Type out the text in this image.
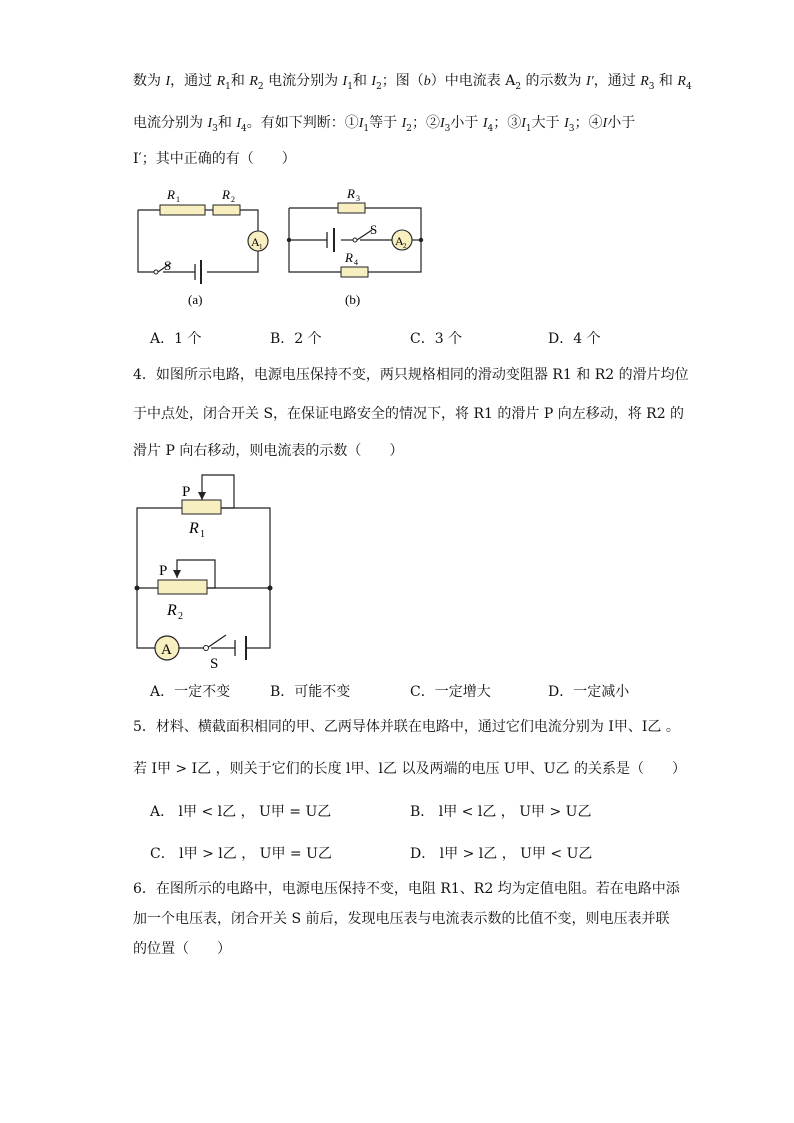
数为 I，通过 $R_1$和 $R_2$ 电流分别为 $I_1$和 $I_2$；图（b）中电流表 $A_2$ 的示数为 I′，通过 $R_3$ 和 $R_4$
电流分别为 $I_3$和 $I_4$。有如下判断：$①I_1$等于 $I_2$；$②I_3$小于 $I_4$；$③I_1$大于 $I_3$；④I小于
I′；其中正确的有（　　）
R 1	R 2
A 1
S
(a)
R 3
R 4
A 2
S
(b)
A．1 个	B．2 个	C．3 个	D．4 个
4．如图所示电路，电源电压保持不变，两只规格相同的滑动变阻器 R1 和 R2 的滑片均位
于中点处，闭合开关 S，在保证电路安全的情况下，将 R1 的滑片 P 向左移动，将 R2 的
滑片 P 向右移动，则电流表的示数（　　）
P
R 1
P
R 2
A
S
A．一定不变	B．可能不变	C．一定增大	D．一定减小
5．材料、横截面积相同的甲、乙两导体并联在电路中，通过它们电流分别为 I甲、I乙 。
若 I甲 > I乙 ，则关于它们的长度 l甲、l乙 以及两端的电压 U甲、U乙 的关系是（　　）
A． l甲 < l乙 ， U甲 = U乙	B． l甲 < l乙 ， U甲 > U乙
C． l甲 > l乙 ， U甲 = U乙	D． l甲 > l乙 ， U甲 < U乙
6．在图所示的电路中，电源电压保持不变，电阻 R1、R2 均为定值电阻。若在电路中添
加一个电压表，闭合开关 S 前后，发现电压表与电流表示数的比值不变，则电压表并联
的位置（　　）
